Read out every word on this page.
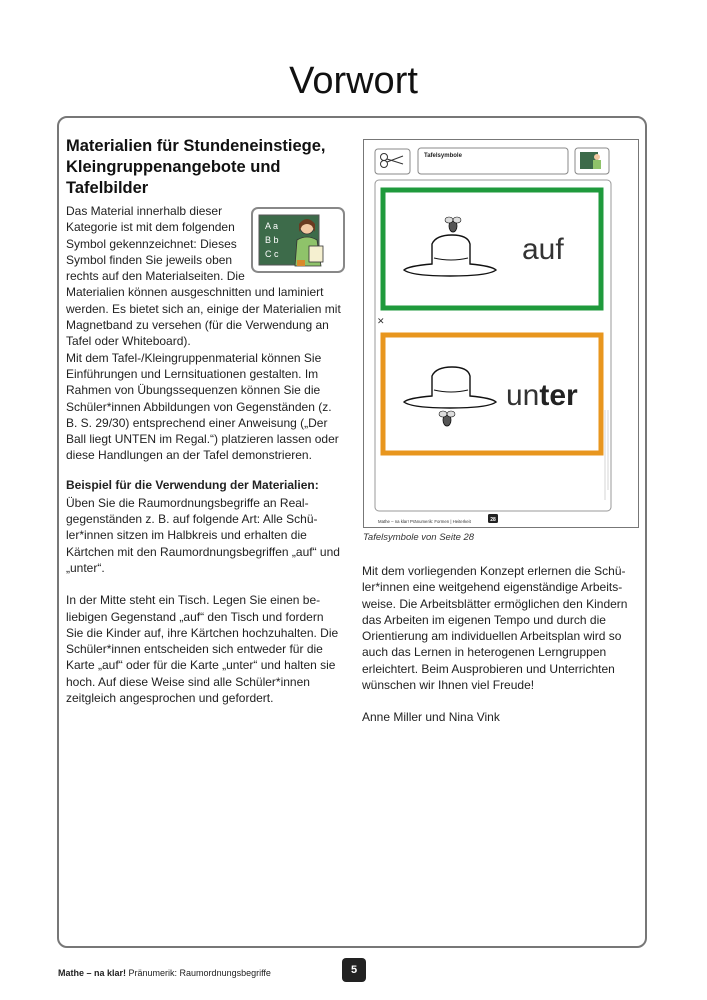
Vorwort
Materialien für Stundeneinstiege, Kleingruppenangebote und Tafelbilder
A a
B b
C c

Das Material innerhalb dieser Kategorie ist mit dem folgenden Symbol gekennzeichnet: Dieses Symbol finden Sie jeweils oben rechts auf den Materialseiten. Die Materialien können ausgeschnitten und laminiert werden. Es bietet sich an, einige der Materialien mit Magnetband zu versehen (für die Verwendung an Tafel oder Whiteboard).

Mit dem Tafel-/Kleingruppenmaterial können Sie Einführungen und Lernsituationen gestalten. Im Rahmen von Übungssequenzen können Sie die Schüler*innen Abbildungen von Gegenständen (z. B. S. 29/30) entsprechend einer Anweisung („Der Ball liegt UNTEN im Regal.“) platzieren lassen oder diese Handlungen an der Tafel demonstrieren.

Beispiel für die Verwendung der Materialien:

Üben Sie die Raumordnungsbegriffe an Realgegenständen z. B. auf folgende Art: Alle Schüler*innen sitzen im Halbkreis und erhalten die Kärtchen mit den Raumordnungsbegriffen „auf“ und „unter“.

In der Mitte steht ein Tisch. Legen Sie einen beliebigen Gegenstand „auf“ den Tisch und fordern Sie die Kinder auf, ihre Kärtchen hochzuhalten. Die Schüler*innen entscheiden sich entweder für die Karte „auf“ oder für die Karte „unter“ und halten sie hoch. Auf diese Weise sind alle Schüler*innen zeitgleich angesprochen und gefordert.

Tafelsymbole
auf
✕
unter
Mathe – na klar! Pränumerik: Formen | Heiterkeit	28
Tafelsymbole von Seite 28

Mit dem vorliegenden Konzept erlernen die Schüler*innen eine weitgehend eigenständige Arbeitsweise. Die Arbeitsblätter ermöglichen den Kindern das Arbeiten im eigenen Tempo und durch die Orientierung am individuellen Arbeitsplan wird so auch das Lernen in heterogenen Lerngruppen erleichtert. Beim Ausprobieren und Unterrichten wünschen wir Ihnen viel Freude!

Anne Miller und Nina Vink

Mathe – na klar! Pränumerik: Raumordnungsbegriffe	5
